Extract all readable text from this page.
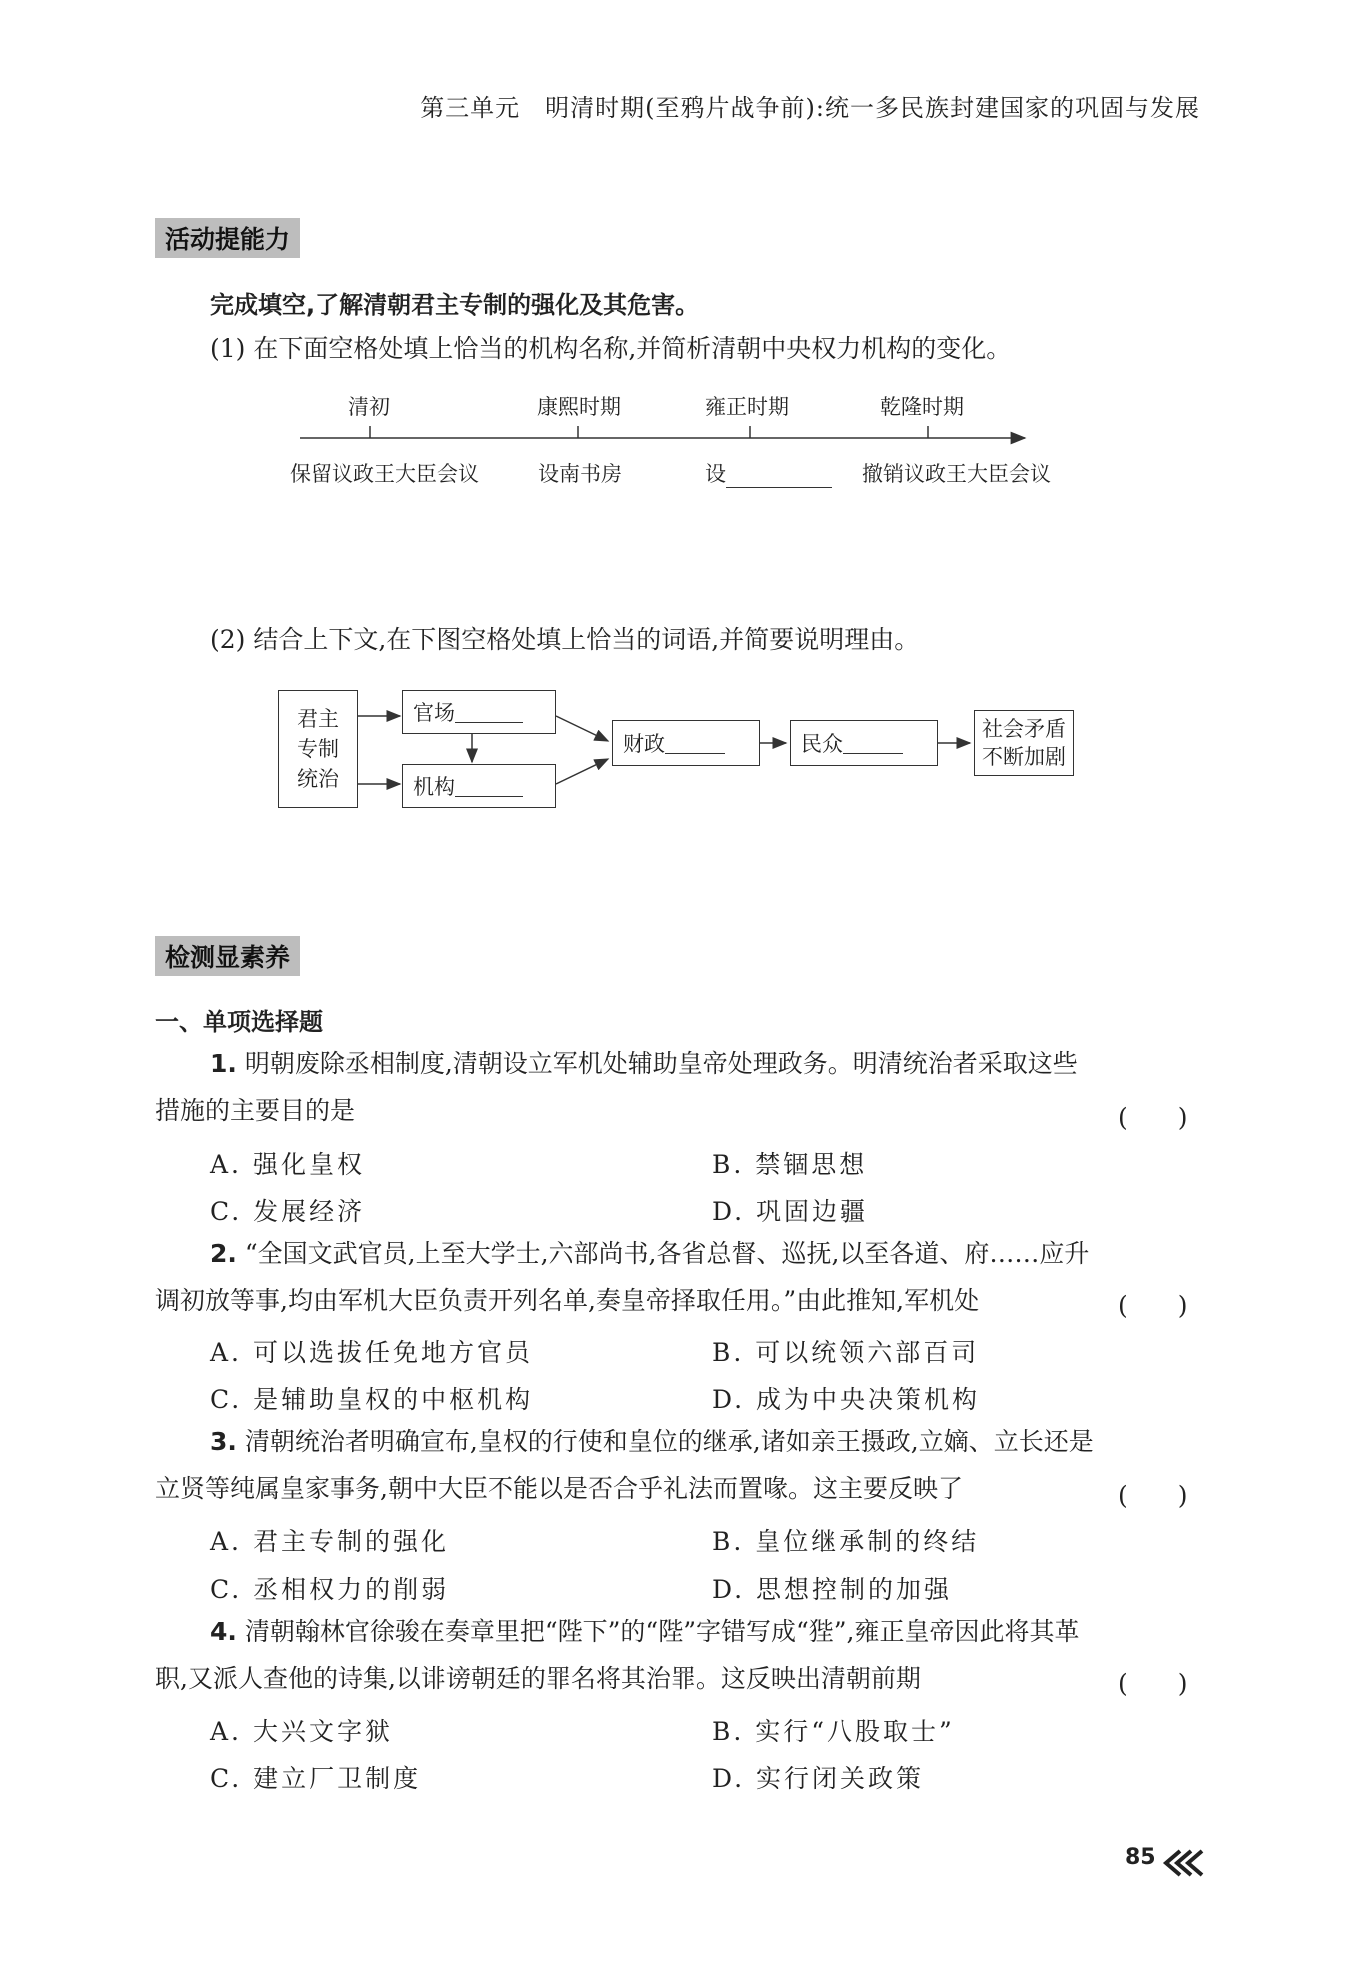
第三单元　明清时期(至鸦片战争前):统一多民族封建国家的巩固与发展
活动提能力
完成填空,了解清朝君主专制的强化及其危害。
(1) 在下面空格处填上恰当的机构名称,并简析清朝中央权力机构的变化。
清初	康熙时期	雍正时期	乾隆时期
保留议政王大臣会议	设南书房	设	撤销议政王大臣会议
(2) 结合上下文,在下图空格处填上恰当的词语,并简要说明理由。
君主
专制
统治
官场
机构
财政	民众
社会矛盾
不断加剧
检测显素养
一、单项选择题
1. 明朝废除丞相制度,清朝设立军机处辅助皇帝处理政务。明清统治者采取这些
措施的主要目的是	(　　)
A. 强化皇权	B. 禁锢思想
C. 发展经济	D. 巩固边疆
2. “全国文武官员,上至大学士,六部尚书,各省总督、巡抚,以至各道、府……应升
调初放等事,均由军机大臣负责开列名单,奏皇帝择取任用。”由此推知,军机处	(　　)
A. 可以选拔任免地方官员	B. 可以统领六部百司
C. 是辅助皇权的中枢机构	D. 成为中央决策机构
3. 清朝统治者明确宣布,皇权的行使和皇位的继承,诸如亲王摄政,立嫡、立长还是
立贤等纯属皇家事务,朝中大臣不能以是否合乎礼法而置喙。这主要反映了	(　　)
A. 君主专制的强化	B. 皇位继承制的终结
C. 丞相权力的削弱	D. 思想控制的加强
4. 清朝翰林官徐骏在奏章里把“陛下”的“陛”字错写成“狴”,雍正皇帝因此将其革
职,又派人查他的诗集,以诽谤朝廷的罪名将其治罪。这反映出清朝前期	(　　)
A. 大兴文字狱	B. 实行“八股取士”
C. 建立厂卫制度	D. 实行闭关政策
85
